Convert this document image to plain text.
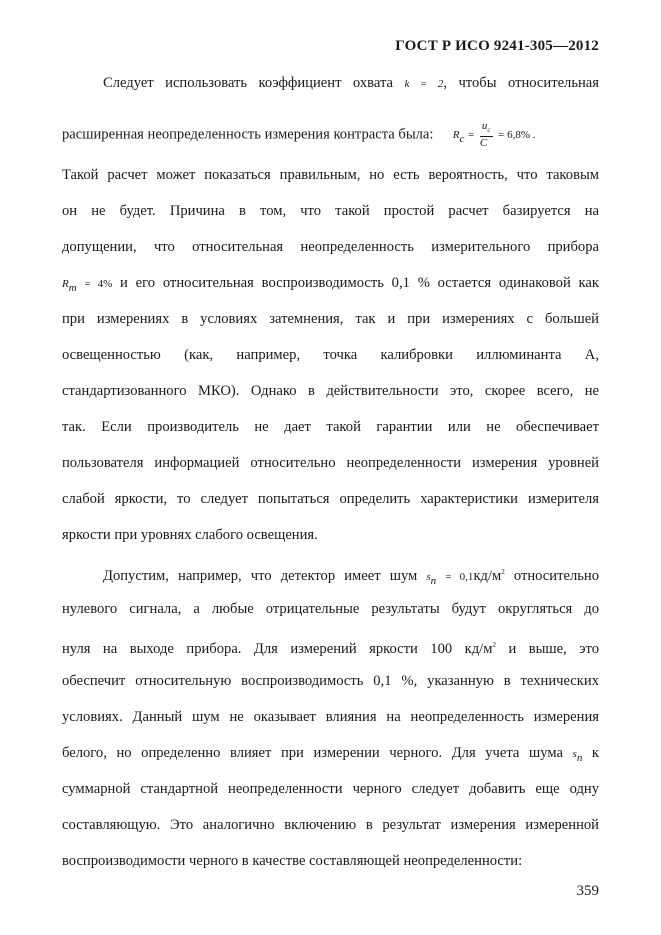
ГОСТ Р ИСО 9241-305—2012
Следует использовать коэффициент охвата k = 2, чтобы относительная
расширенная неопределенность измерения контраста была: $R_c = \frac{u_c}{C} = 6,8\%$ .
Такой расчет может показаться правильным, но есть вероятность, что таковым
он не будет. Причина в том, что такой простой расчет базируется на
допущении, что относительная неопределенность измерительного прибора
$R_m = 4\%$ и его относительная воспроизводимость 0,1 % остается одинаковой как
при измерениях в условиях затемнения, так и при измерениях с большей
освещенностью (как, например, точка калибровки иллюминанта А,
стандартизованного МКО). Однако в действительности это, скорее всего, не
так. Если производитель не дает такой гарантии или не обеспечивает
пользователя информацией относительно неопределенности измерения уровней
слабой яркости, то следует попытаться определить характеристики измерителя
яркости при уровнях слабого освещения.
Допустим, например, что детектор имеет шум $s_n = 0,1кд/м^2$ относительно
нулевого сигнала, а любые отрицательные результаты будут округляться до
нуля на выходе прибора. Для измерений яркости 100 $кд/м^2$ и выше, это
обеспечит относительную воспроизводимость 0,1 %, указанную в технических
условиях. Данный шум не оказывает влияния на неопределенность измерения
белого, но определенно влияет при измерении черного. Для учета шума $s_n$ к
суммарной стандартной неопределенности черного следует добавить еще одну
составляющую. Это аналогично включению в результат измерения измеренной
воспроизводимости черного в качестве составляющей неопределенности:
359
